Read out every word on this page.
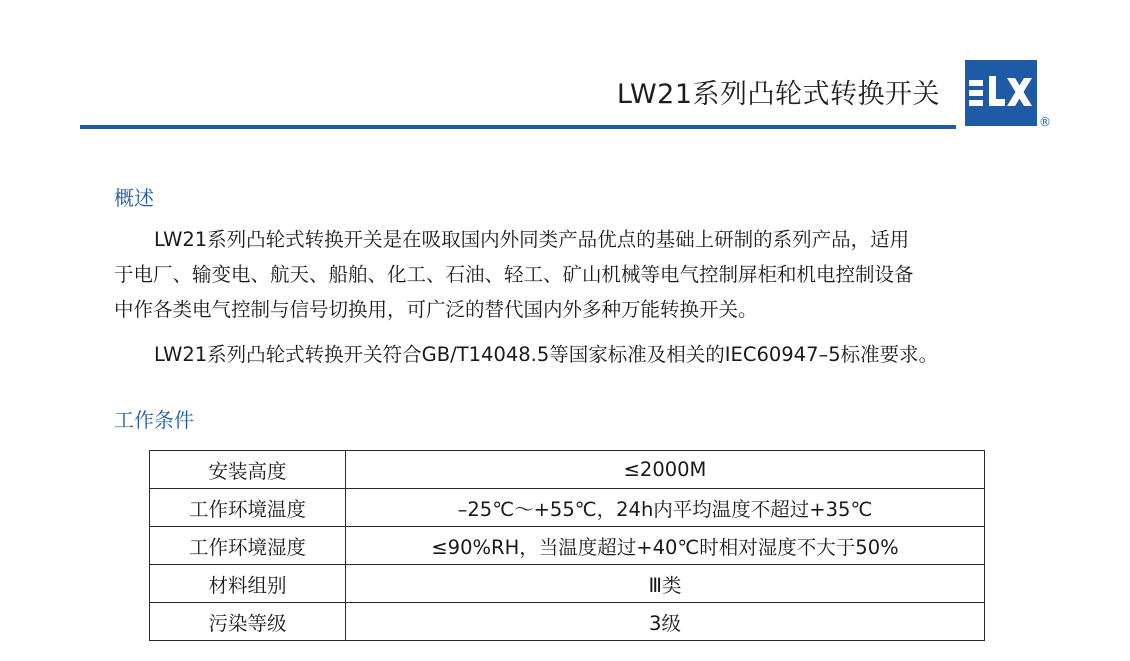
LW21系列凸轮式转换开关
®
概述
LW21系列凸轮式转换开关是在吸取国内外同类产品优点的基础上研制的系列产品，适用
于电厂、输变电、航天、船舶、化工、石油、轻工、矿山机械等电气控制屏柜和机电控制设备
中作各类电气控制与信号切换用，可广泛的替代国内外多种万能转换开关。
LW21系列凸轮式转换开关符合GB/T14048.5等国家标准及相关的IEC60947–5标准要求。
工作条件
安装高度	≤2000M
工作环境温度	–25℃～+55℃，24h内平均温度不超过+35℃
工作环境湿度	≤90%RH，当温度超过+40℃时相对湿度不大于50%
材料组别	Ⅲ类
污染等级	3级
